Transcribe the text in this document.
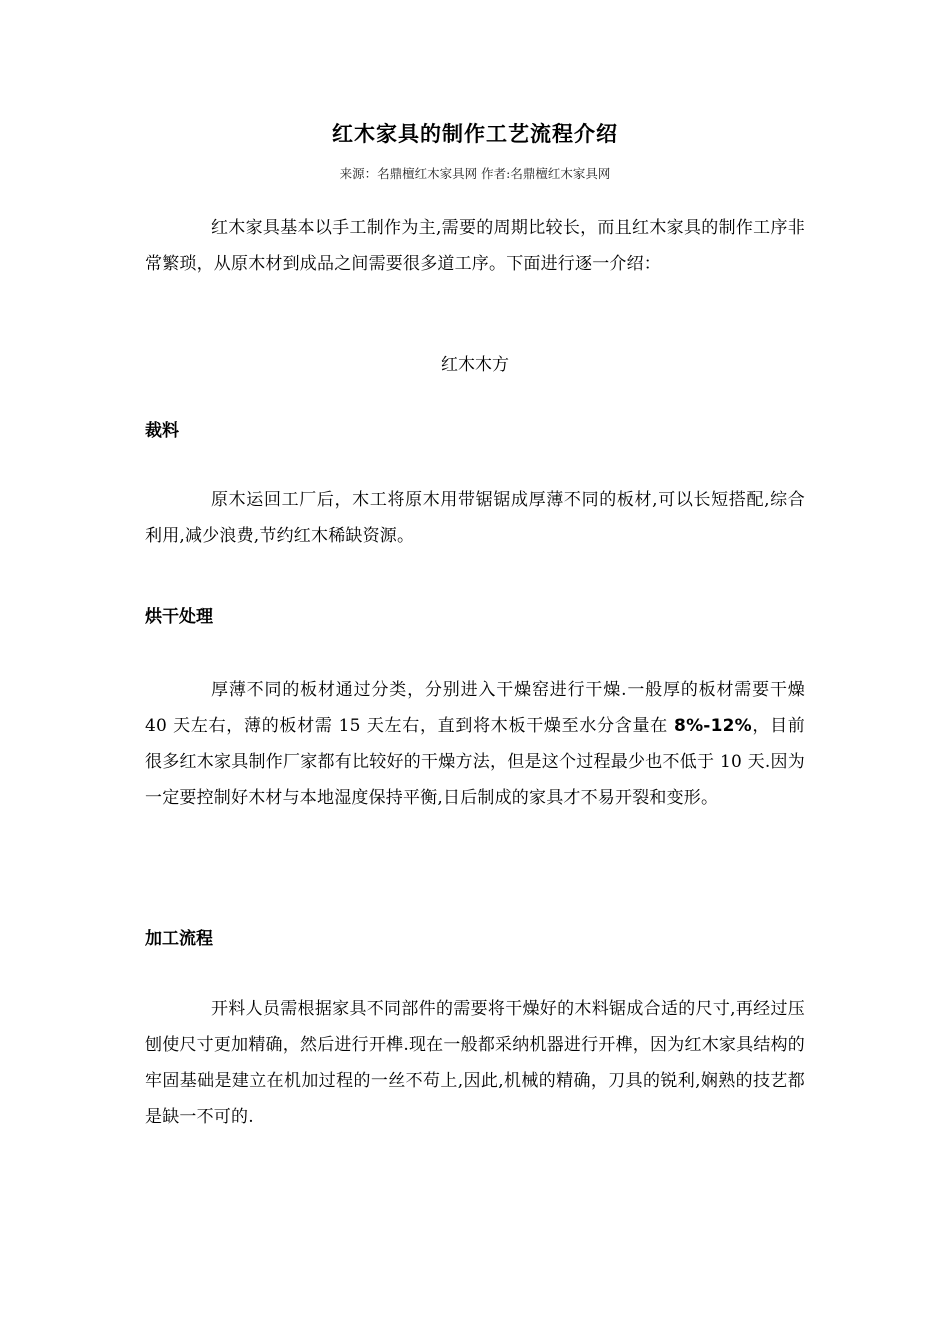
红木家具的制作工艺流程介绍
来源：名鼎檀红木家具网 作者:名鼎檀红木家具网

红木家具基本以手工制作为主,需要的周期比较长，而且红木家具的制作工序非常繁琐，从原木材到成品之间需要很多道工序。下面进行逐一介绍：

红木木方
裁料

原木运回工厂后，木工将原木用带锯锯成厚薄不同的板材,可以长短搭配,综合利用,减少浪费,节约红木稀缺资源。

烘干处理

厚薄不同的板材通过分类，分别进入干燥窑进行干燥.一般厚的板材需要干燥 40 天左右，薄的板材需 15 天左右，直到将木板干燥至水分含量在 8%-12%，目前很多红木家具制作厂家都有比较好的干燥方法，但是这个过程最少也不低于 10 天.因为一定要控制好木材与本地湿度保持平衡,日后制成的家具才不易开裂和变形。

加工流程

开料人员需根据家具不同部件的需要将干燥好的木料锯成合适的尺寸,再经过压刨使尺寸更加精确，然后进行开榫.现在一般都采纳机器进行开榫，因为红木家具结构的牢固基础是建立在机加过程的一丝不苟上,因此,机械的精确，刀具的锐利,娴熟的技艺都是缺一不可的.
